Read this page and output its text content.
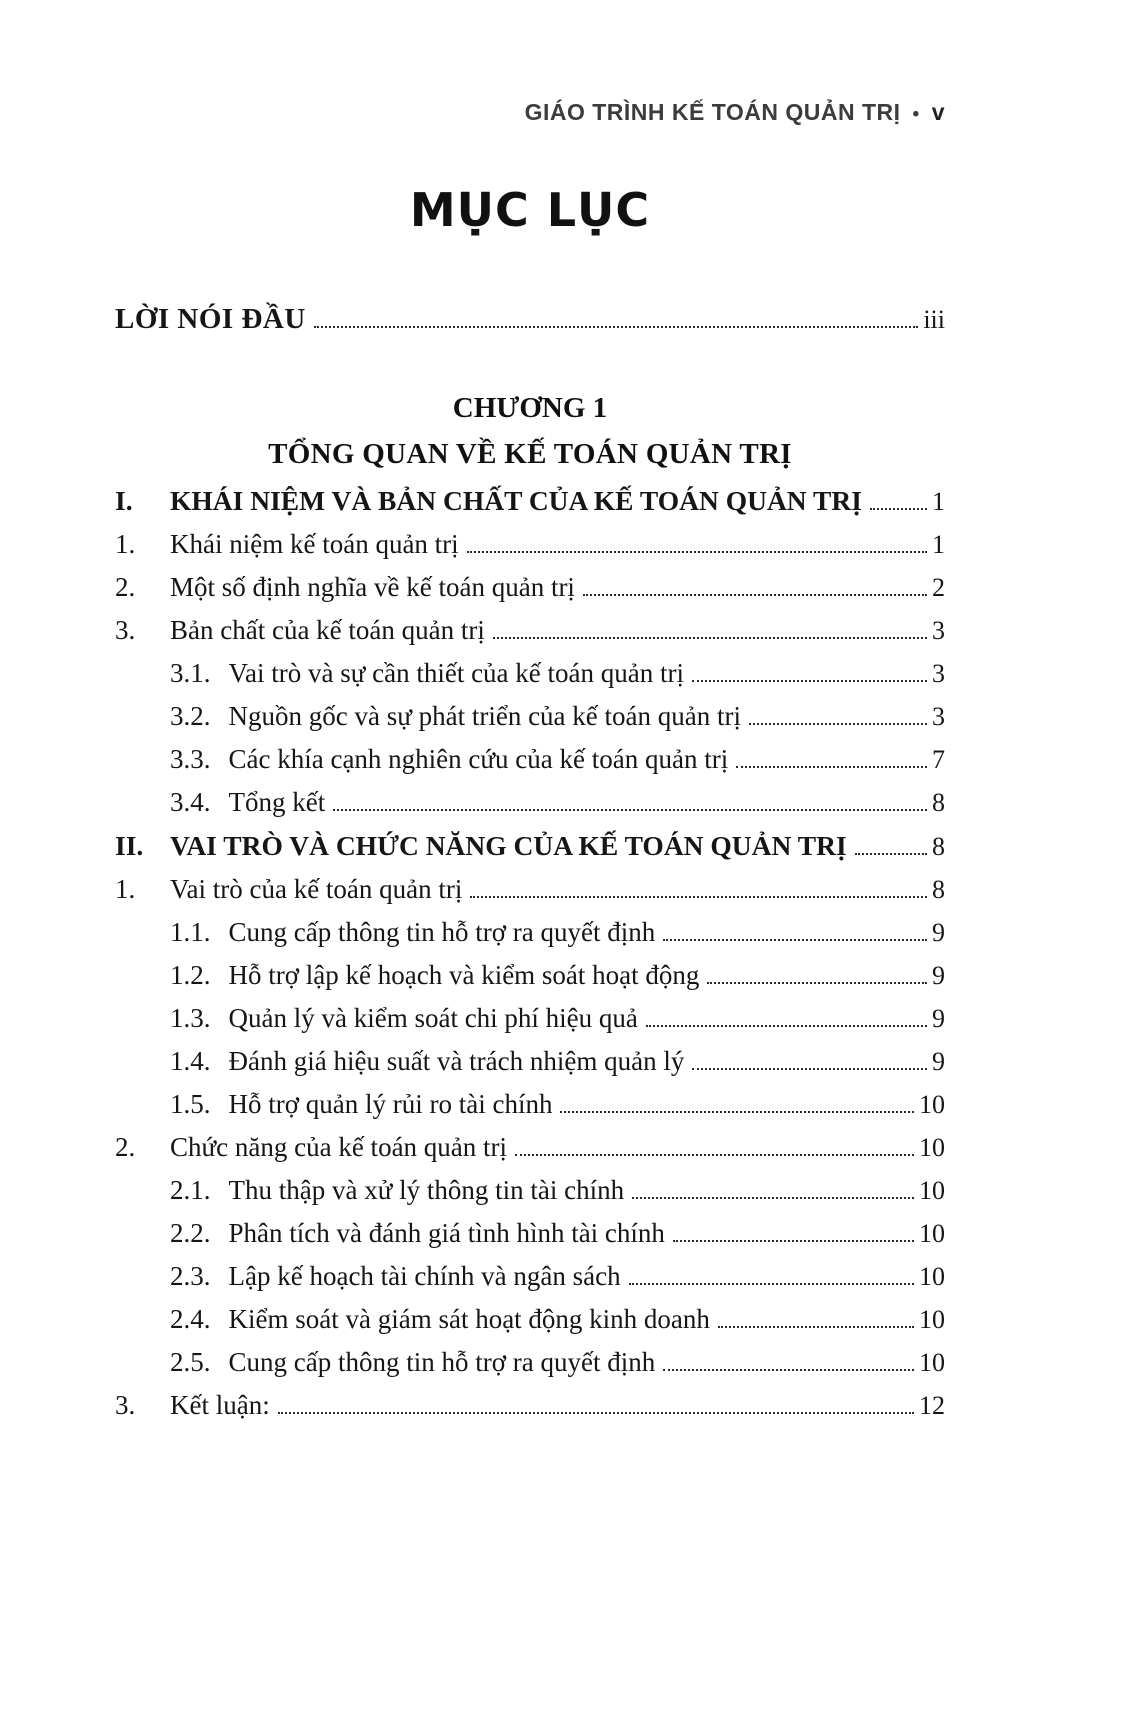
GIÁO TRÌNH KẾ TOÁN QUẢN TRỊ • v
MỤC LỤC
LỜI NÓI ĐẦU	iii
CHƯƠNG 1
TỔNG QUAN VỀ KẾ TOÁN QUẢN TRỊ
I.	KHÁI NIỆM VÀ BẢN CHẤT CỦA KẾ TOÁN QUẢN TRỊ	1
1.	Khái niệm kế toán quản trị	1
2.	Một số định nghĩa về kế toán quản trị	2
3.	Bản chất của kế toán quản trị	3
3.1. Vai trò và sự cần thiết của kế toán quản trị	3
3.2. Nguồn gốc và sự phát triển của kế toán quản trị	3
3.3. Các khía cạnh nghiên cứu của kế toán quản trị	7
3.4. Tổng kết	8
II. VAI TRÒ VÀ CHỨC NĂNG CỦA KẾ TOÁN QUẢN TRỊ	8
1.	Vai trò của kế toán quản trị	8
1.1. Cung cấp thông tin hỗ trợ ra quyết định	9
1.2. Hỗ trợ lập kế hoạch và kiểm soát hoạt động	9
1.3. Quản lý và kiểm soát chi phí hiệu quả	9
1.4. Đánh giá hiệu suất và trách nhiệm quản lý	9
1.5. Hỗ trợ quản lý rủi ro tài chính	10
2.	Chức năng của kế toán quản trị	10
2.1. Thu thập và xử lý thông tin tài chính	10
2.2. Phân tích và đánh giá tình hình tài chính	10
2.3. Lập kế hoạch tài chính và ngân sách	10
2.4. Kiểm soát và giám sát hoạt động kinh doanh	10
2.5. Cung cấp thông tin hỗ trợ ra quyết định	10
3.	Kết luận:	12
